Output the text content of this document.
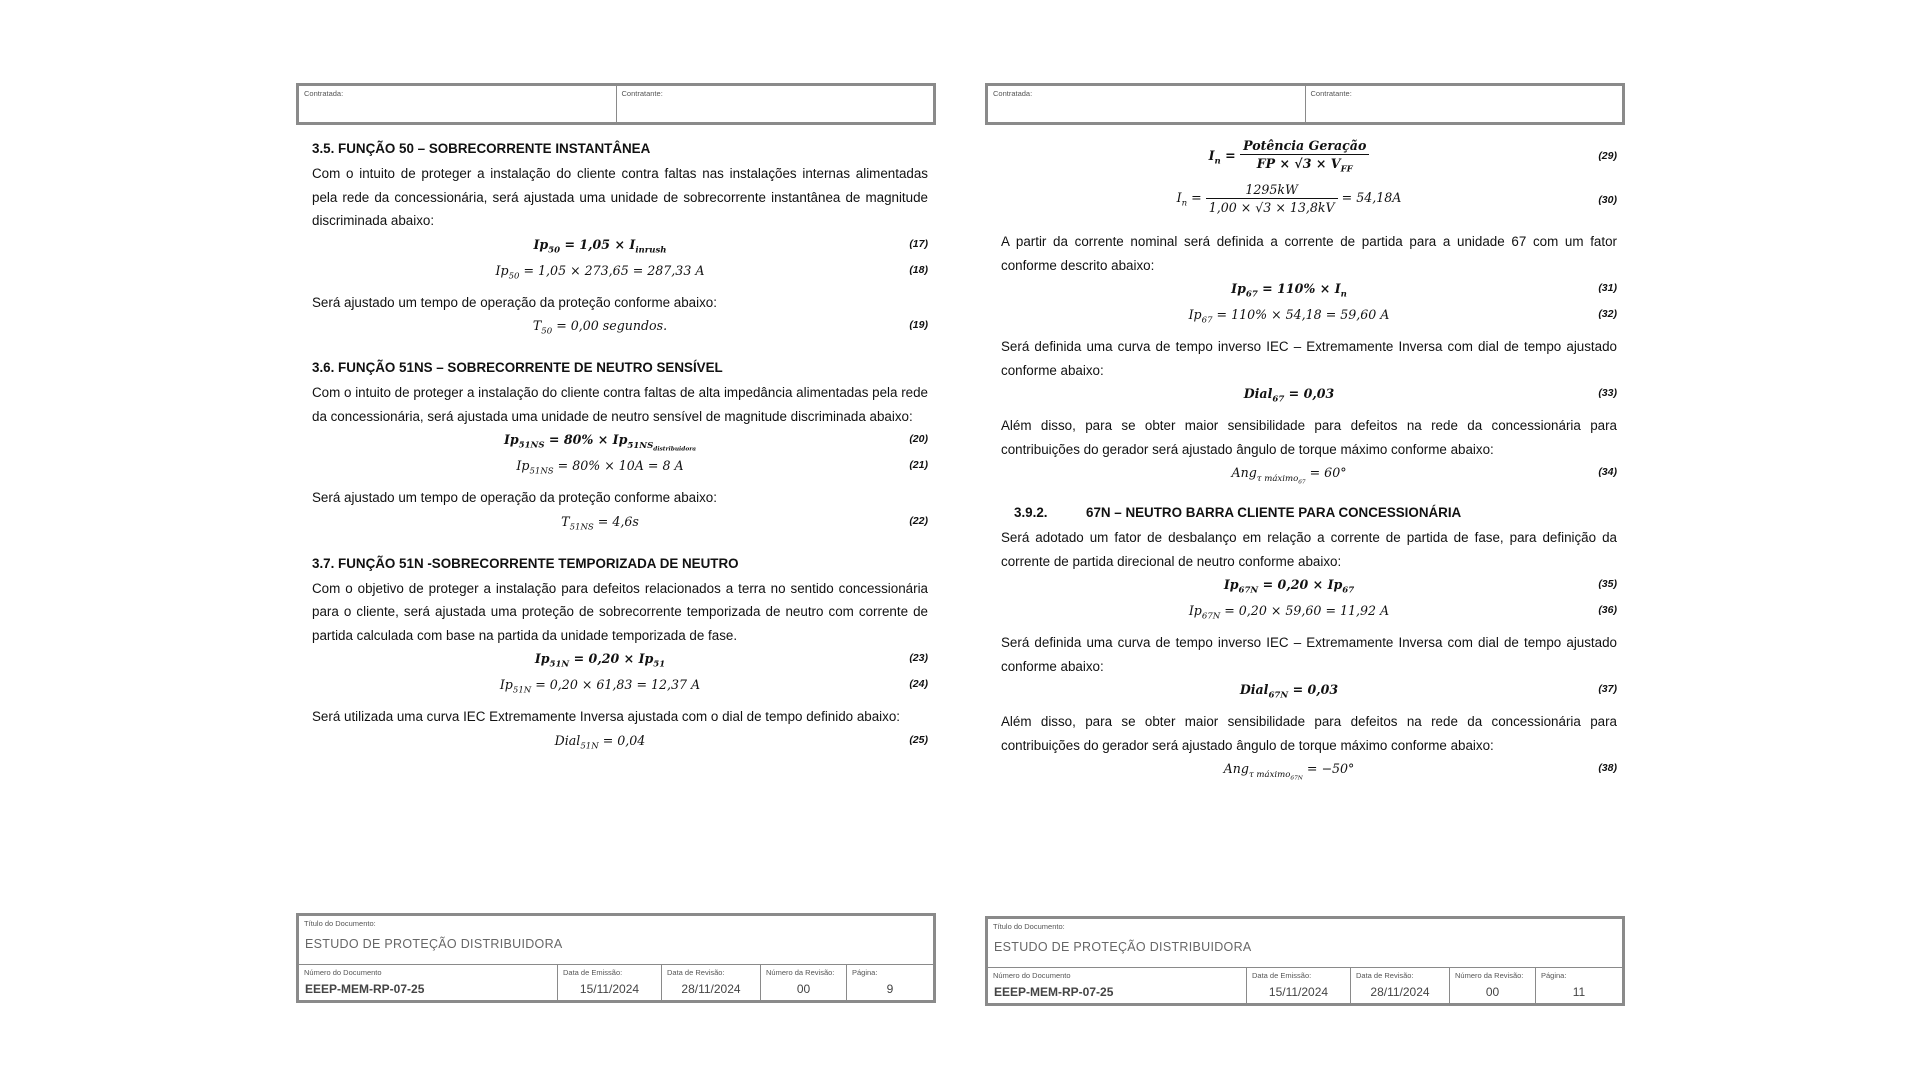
Contratada:	Contratante:
3.5. FUNÇÃO 50 – SOBRECORRENTE INSTANTÂNEA

Com o intuito de proteger a instalação do cliente contra faltas nas instalações internas alimentadas pela rede da concessionária, será ajustada uma unidade de sobrecorrente instantânea de magnitude discriminada abaixo:

$Ip_{50} = 1,05 \times I_{inrush}$
(17)
$Ip_{50} = 1,05 \times 273,65 = 287,33$ A	(18)

Será ajustado um tempo de operação da proteção conforme abaixo:

$T_{50} = 0,00$ segundos.	(19)
3.6. FUNÇÃO 51NS – SOBRECORRENTE DE NEUTRO SENSÍVEL

Com o intuito de proteger a instalação do cliente contra faltas de alta impedância alimentadas pela rede da concessionária, será ajustada uma unidade de neutro sensível de magnitude discriminada abaixo:

$Ip_{51NS} = 80\% \times Ip_{51NS_{distribuidora}}$
(20)
$Ip_{51NS} = 80\% \times 10A = 8$ A	(21)

Será ajustado um tempo de operação da proteção conforme abaixo:

$T_{51NS} = 4,6s$	(22)
3.7. FUNÇÃO 51N -SOBRECORRENTE TEMPORIZADA DE NEUTRO

Com o objetivo de proteger a instalação para defeitos relacionados a terra no sentido concessionária para o cliente, será ajustada uma proteção de sobrecorrente temporizada de neutro com corrente de partida calculada com base na partida da unidade temporizada de fase.

$Ip_{51N} = 0,20 \times Ip_{51}$
(23)
$Ip_{51N} = 0,20 \times 61,83 = 12,37$ A	(24)

Será utilizada uma curva IEC Extremamente Inversa ajustada com o dial de tempo definido abaixo:

Dial$_{51N}$ = 0,04	(25)
Título do Documento:
ESTUDO DE PROTEÇÃO DISTRIBUIDORA
Número do Documento
EEEP-MEM-RP-07-25
Data de Emissão:
15/11/2024
Data de Revisão:
28/11/2024
Número da Revisão:
00
Página:
9
Contratada:	Contratante:
$I_n = \frac{\text{Potência Geração}}{FP \times √3 \times V_{FF}}$	(29)
$I_n = \frac{1295kW}{1,00 \times √3 \times 13,8kV} = 54,18A$	(30)

A partir da corrente nominal será definida a corrente de partida para a unidade 67 com um fator conforme descrito abaixo:

$Ip_{67} = 110\% \times I_n$
(31)
$Ip_{67} = 110\% \times 54,18 = 59,60$ A	(32)

Será definida uma curva de tempo inverso IEC – Extremamente Inversa com dial de tempo ajustado conforme abaixo:

Dial$_{67}$ = 0,03	(33)

Além disso, para se obter maior sensibilidade para defeitos na rede da concessionária para contribuições do gerador será ajustado ângulo de torque máximo conforme abaixo:

Ang$_{\tau máximo_{67}}$ = 60°	(34)
3.9.2.	67N – NEUTRO BARRA CLIENTE PARA CONCESSIONÁRIA

Será adotado um fator de desbalanço em relação a corrente de partida de fase, para definição da corrente de partida direcional de neutro conforme abaixo:

$Ip_{67N} = 0,20 \times Ip_{67}$
(35)
$Ip_{67N} = 0,20 \times 59,60 = 11,92$ A	(36)

Será definida uma curva de tempo inverso IEC – Extremamente Inversa com dial de tempo ajustado conforme abaixo:

Dial$_{67N}$ = 0,03	(37)

Além disso, para se obter maior sensibilidade para defeitos na rede da concessionária para contribuições do gerador será ajustado ângulo de torque máximo conforme abaixo:

Ang$_{\tau máximo_{67N}}$ = −50°	(38)
Título do Documento:
ESTUDO DE PROTEÇÃO DISTRIBUIDORA
Número do Documento
EEEP-MEM-RP-07-25
Data de Emissão:
15/11/2024
Data de Revisão:
28/11/2024
Número da Revisão:
00
Página:
11
